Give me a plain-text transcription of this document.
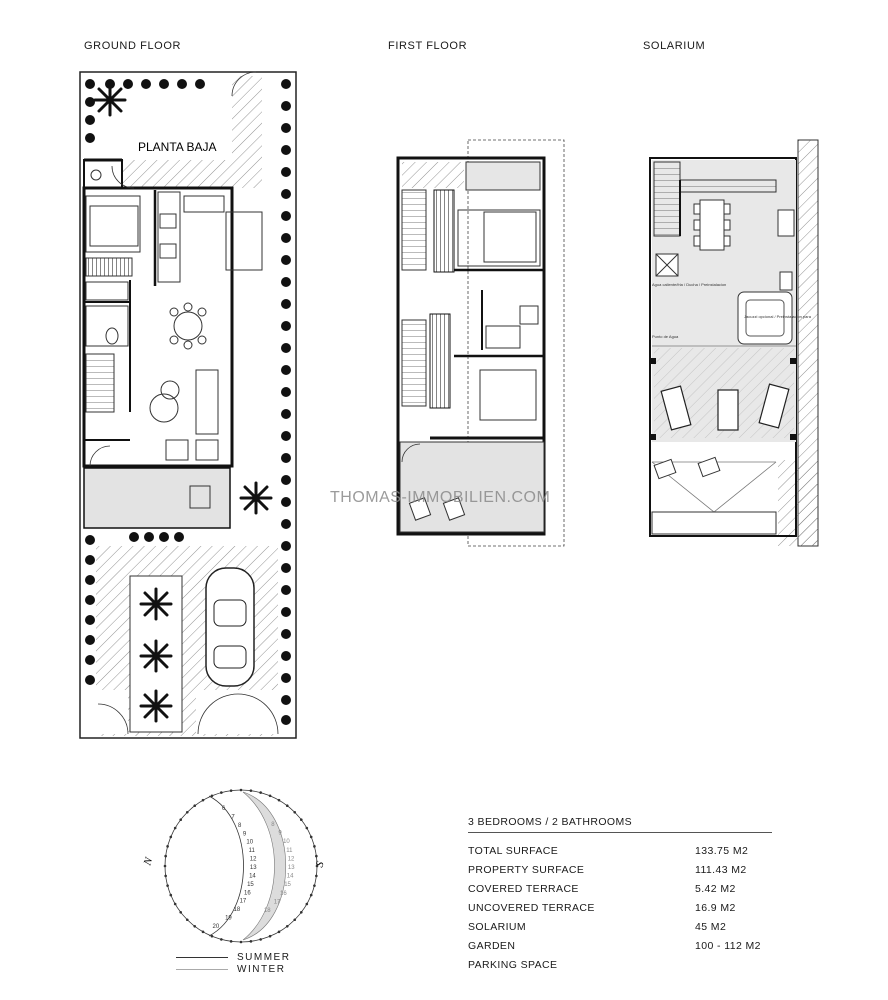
GROUND FLOOR	FIRST FLOOR	SOLARIUM
PLANTA BAJA
Agua caliente/fria / Ducha / Preinstalacion
Jacuzzi opcional / Preinstalacion para
Punto de Agua
6
7
8
9
10
11
12
13
14
15
16
17
18
19
20
8
9
10
11
12
13
14
15
16
17
18
N	S
THOMAS-IMMOBILIEN.COM
SUMMER
WINTER
3 BEDROOMS / 2 BATHROOMS
TOTAL SURFACE	133.75 M2
PROPERTY SURFACE	111.43 M2
COVERED TERRACE	5.42 M2
UNCOVERED TERRACE	16.9 M2
SOLARIUM	45 M2
GARDEN	100 - 112 M2
PARKING SPACE
